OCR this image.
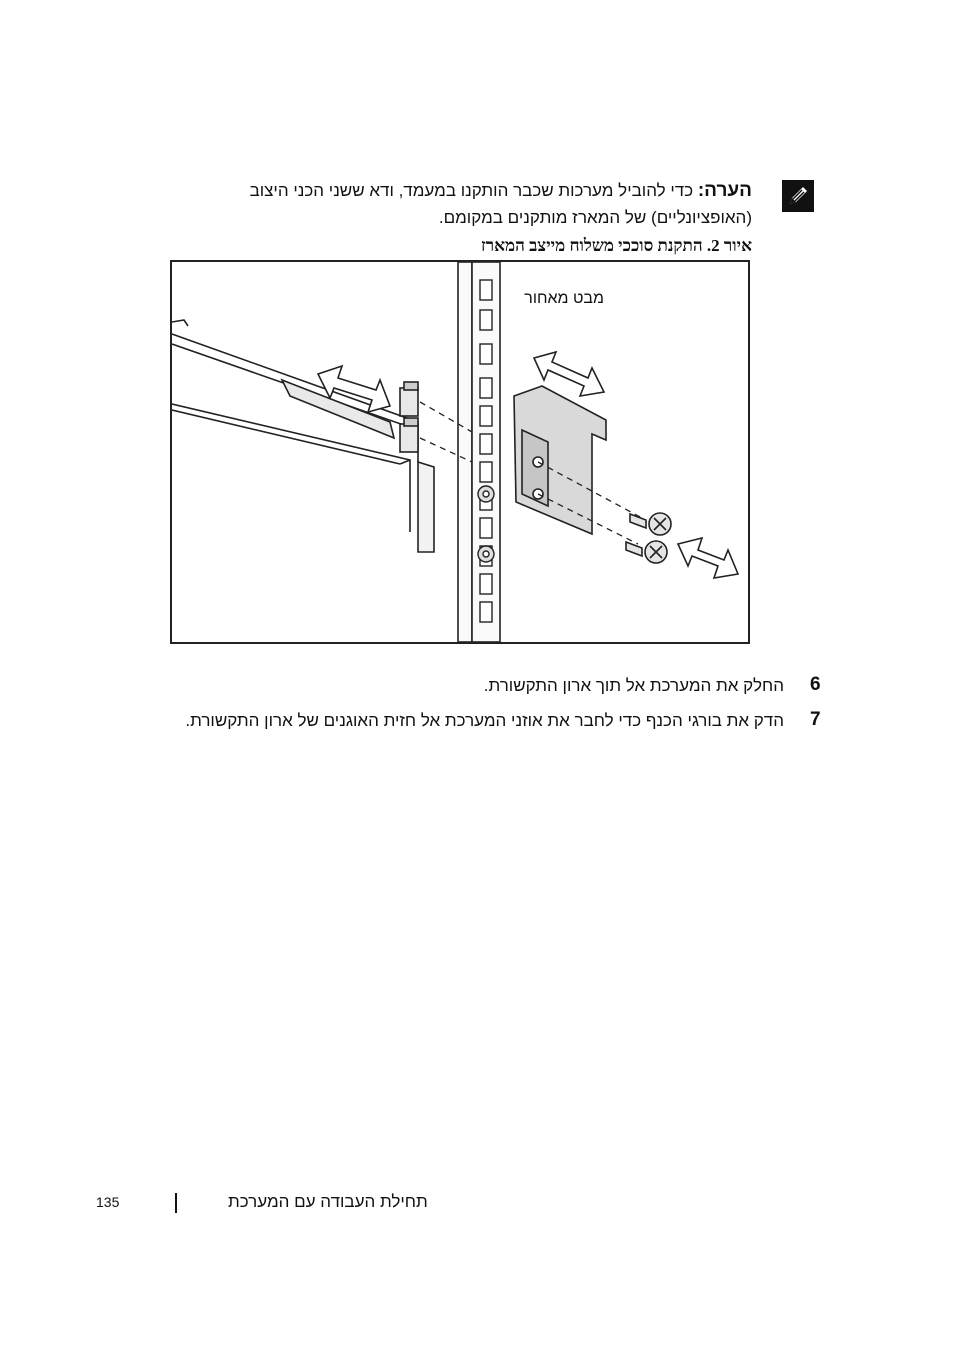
הערה: כדי להוביל מערכות שכבר הותקנו במעמד, ודא ששני הכני היצוב
(האופציונליים) של המארז מותקנים במקומם.
איור 2. התקנת סוככי משלוח מייצב המארז
מבט מאחור
6
החלק את המערכת אל תוך ארון התקשורת.
7
הדק את בורגי הכנף כדי לחבר את אוזני המערכת אל חזית האוגנים של ארון התקשורת.
135	תחילת העבודה עם המערכת
